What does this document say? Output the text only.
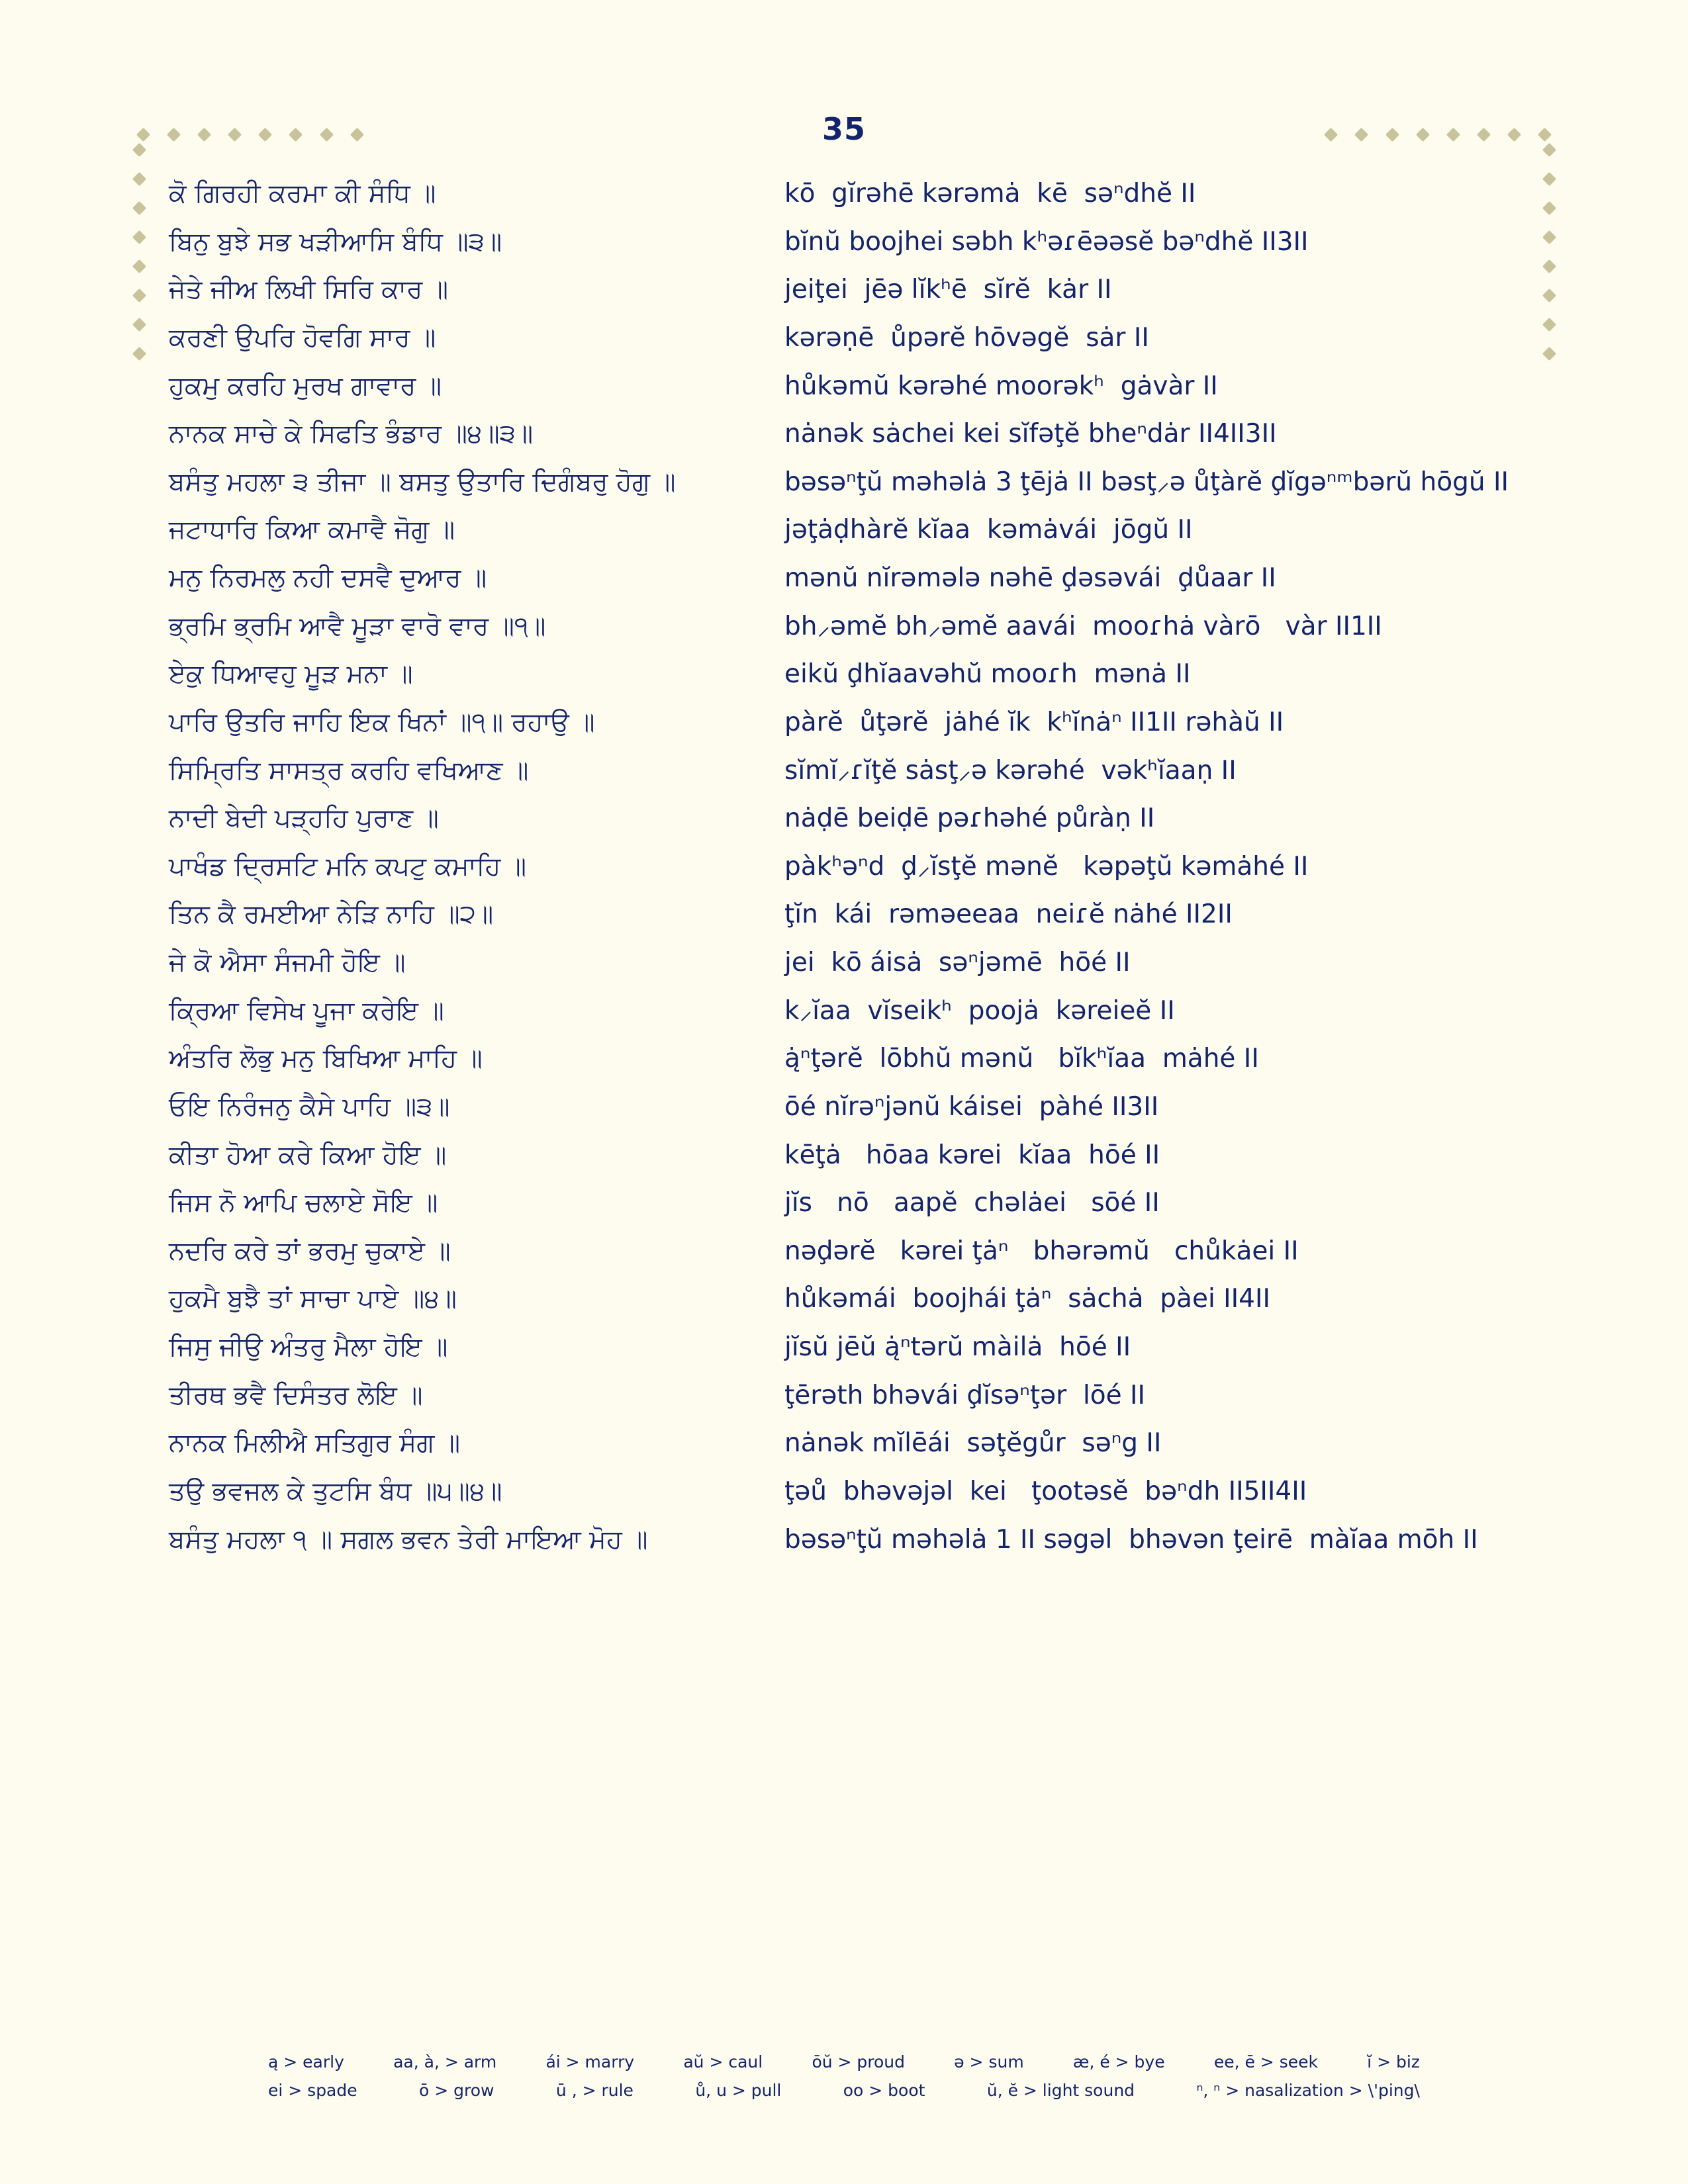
35

ਕੋ ਗਿਰਹੀ ਕਰਮਾ ਕੀ ਸੰਧਿ ॥	kō  gĭrəhē kərəmȧ  kē  səⁿdhĕ II
ਬਿਨੁ ਬੁਝੇ ਸਭ ਖੜੀਆਸਿ ਬੰਧਿ ॥੩॥	bĭnŭ boojhei səbh kʰəɾēəəsĕ bəⁿdhĕ II3II
ਜੇਤੇ ਜੀਅ ਲਿਖੀ ਸਿਰਿ ਕਾਰ ॥	jeiţei  jēə lĭkʰē  sĭrĕ  kȧr II
ਕਰਣੀ ਉਪਰਿ ਹੋਵਗਿ ਸਾਰ ॥	kərəṇē  ůpərĕ hōvəgĕ  sȧr II
ਹੁਕਮੁ ਕਰਹਿ ਮੁਰਖ ਗਾਵਾਰ ॥	hůkəmŭ kərəhé moorəkʰ  gȧvàr II
ਨਾਨਕ ਸਾਚੇ ਕੇ ਸਿਫਤਿ ਭੰਡਾਰ ॥੪॥੩॥	nȧnək sȧchei kei sĭfəţĕ bheⁿdȧr II4II3II
ਬਸੰਤੁ ਮਹਲਾ ੩ ਤੀਜਾ ॥ ਬਸਤੁ ਉਤਾਰਿ ਦਿਗੰਬਰੁ ਹੋਗੁ ॥	bəsəⁿţŭ məhəlȧ 3 ţējȧ II bəsţ⸝ə ůţàrĕ ḑĭgəⁿᵐbərŭ hōgŭ II
ਜਟਾਧਾਰਿ ਕਿਆ ਕਮਾਵੈ ਜੋਗੁ ॥	jəţȧḍhàrĕ kĭaa  kəmȧvái  jōgŭ II
ਮਨੁ ਨਿਰਮਲੁ ਨਹੀ ਦਸਵੈ ਦੁਆਰ ॥	mənŭ nĭrəmələ nəhē ḑəsəvái  ḑůaar II
ਭ੍ਰਮਿ ਭ੍ਰਮਿ ਆਵੈ ਮੂੜਾ ਵਾਰੋ ਵਾਰ ॥੧॥	bh⸝əmĕ bh⸝əmĕ aavái  mooɾhȧ vàrō   vàr II1II
ਏਕੁ ਧਿਆਵਹੁ ਮੂੜ ਮਨਾ ॥	eikŭ ḑhĭaavəhŭ mooɾh  mənȧ II
ਪਾਰਿ ਉਤਰਿ ਜਾਹਿ ਇਕ ਖਿਨਾਂ ॥੧॥ ਰਹਾਉ ॥	pàrĕ  ůţərĕ  jȧhé ĭk  kʰĭnȧⁿ II1II rəhàŭ II
ਸਿਮ੍ਰਿਤਿ ਸਾਸਤ੍ਰ ਕਰਹਿ ਵਖਿਆਣ ॥	sĭmĭ⸝ɾĭţĕ sȧsţ⸝ə kərəhé  vəkʰĭaaṇ II
ਨਾਦੀ ਬੇਦੀ ਪੜ੍ਹਹਿ ਪੁਰਾਣ ॥	nȧḍē beiḍē pəɾhəhé půràṇ II
ਪਾਖੰਡ ਦ੍ਰਿਸਟਿ ਮਨਿ ਕਪਟੁ ਕਮਾਹਿ ॥	pàkʰəⁿd  ḑ⸝ĭsţĕ mənĕ   kəpəţŭ kəmȧhé II
ਤਿਨ ਕੈ ਰਮਈਆ ਨੇੜਿ ਨਾਹਿ ॥੨॥	ţĭn  kái  rəməeeaa  neiɾĕ nȧhé II2II
ਜੇ ਕੋ ਐਸਾ ਸੰਜਮੀ ਹੋਇ ॥	jei  kō áisȧ  səⁿjəmē  hōé II
ਕ੍ਰਿਆ ਵਿਸੇਖ ਪੂਜਾ ਕਰੇਇ ॥	k⸝ĭaa  vĭseikʰ  poojȧ  kəreieĕ II
ਅੰਤਰਿ ਲੋਭੁ ਮਨੁ ਬਿਖਿਆ ਮਾਹਿ ॥	ą̇ⁿţərĕ  lōbhŭ mənŭ   bĭkʰĭaa  mȧhé II
ਓਇ ਨਿਰੰਜਨੁ ਕੈਸੇ ਪਾਹਿ ॥੩॥	ōé nĭrəⁿjənŭ káisei  pàhé II3II
ਕੀਤਾ ਹੋਆ ਕਰੇ ਕਿਆ ਹੋਇ ॥	kēţȧ   hōaa kərei  kĭaa  hōé II
ਜਿਸ ਨੋ ਆਪਿ ਚਲਾਏ ਸੋਇ ॥	jĭs   nō   aapĕ  chəlȧei   sōé II
ਨਦਰਿ ਕਰੇ ਤਾਂ ਭਰਮੁ ਚੁਕਾਏ ॥	nəḑərĕ   kərei ţȧⁿ   bhərəmŭ   chůkȧei II
ਹੁਕਮੈ ਬੁਝੈ ਤਾਂ ਸਾਚਾ ਪਾਏ ॥੪॥	hůkəmái  boojhái ţȧⁿ  sȧchȧ  pàei II4II
ਜਿਸੁ ਜੀਉ ਅੰਤਰੁ ਮੈਲਾ ਹੋਇ ॥	jĭsŭ jēŭ ą̇ⁿtərŭ màilȧ  hōé II
ਤੀਰਥ ਭਵੈ ਦਿਸੰਤਰ ਲੋਇ ॥	ţērəth bhəvái ḑĭsəⁿţər  lōé II
ਨਾਨਕ ਮਿਲੀਐ ਸਤਿਗੁਰ ਸੰਗ ॥	nȧnək mĭlēái  səţĕgůr  səⁿg II
ਤਉ ਭਵਜਲ ਕੇ ਤੁਟਸਿ ਬੰਧ ॥੫॥੪॥	ţəů  bhəvəjəl  kei   ţootəsĕ  bəⁿdh II5II4II
ਬਸੰਤੁ ਮਹਲਾ ੧ ॥ ਸਗਲ ਭਵਨ ਤੇਰੀ ਮਾਇਆ ਮੋਹ ॥	bəsəⁿţŭ məhəlȧ 1 II səgəl  bhəvən ţeirē  màĭaa mōh II
ą > early	aa, à, > arm	ái > marry	aŭ > caul	ōŭ > proud	ə > sum	æ, é > bye	ee, ē > seek	ĭ > biz
ei > spade	ō > grow	ū , > rule	ů, u > pull	oo > boot	ŭ, ĕ > light sound	ⁿ, ⁿ > nasalization > \'ping\
